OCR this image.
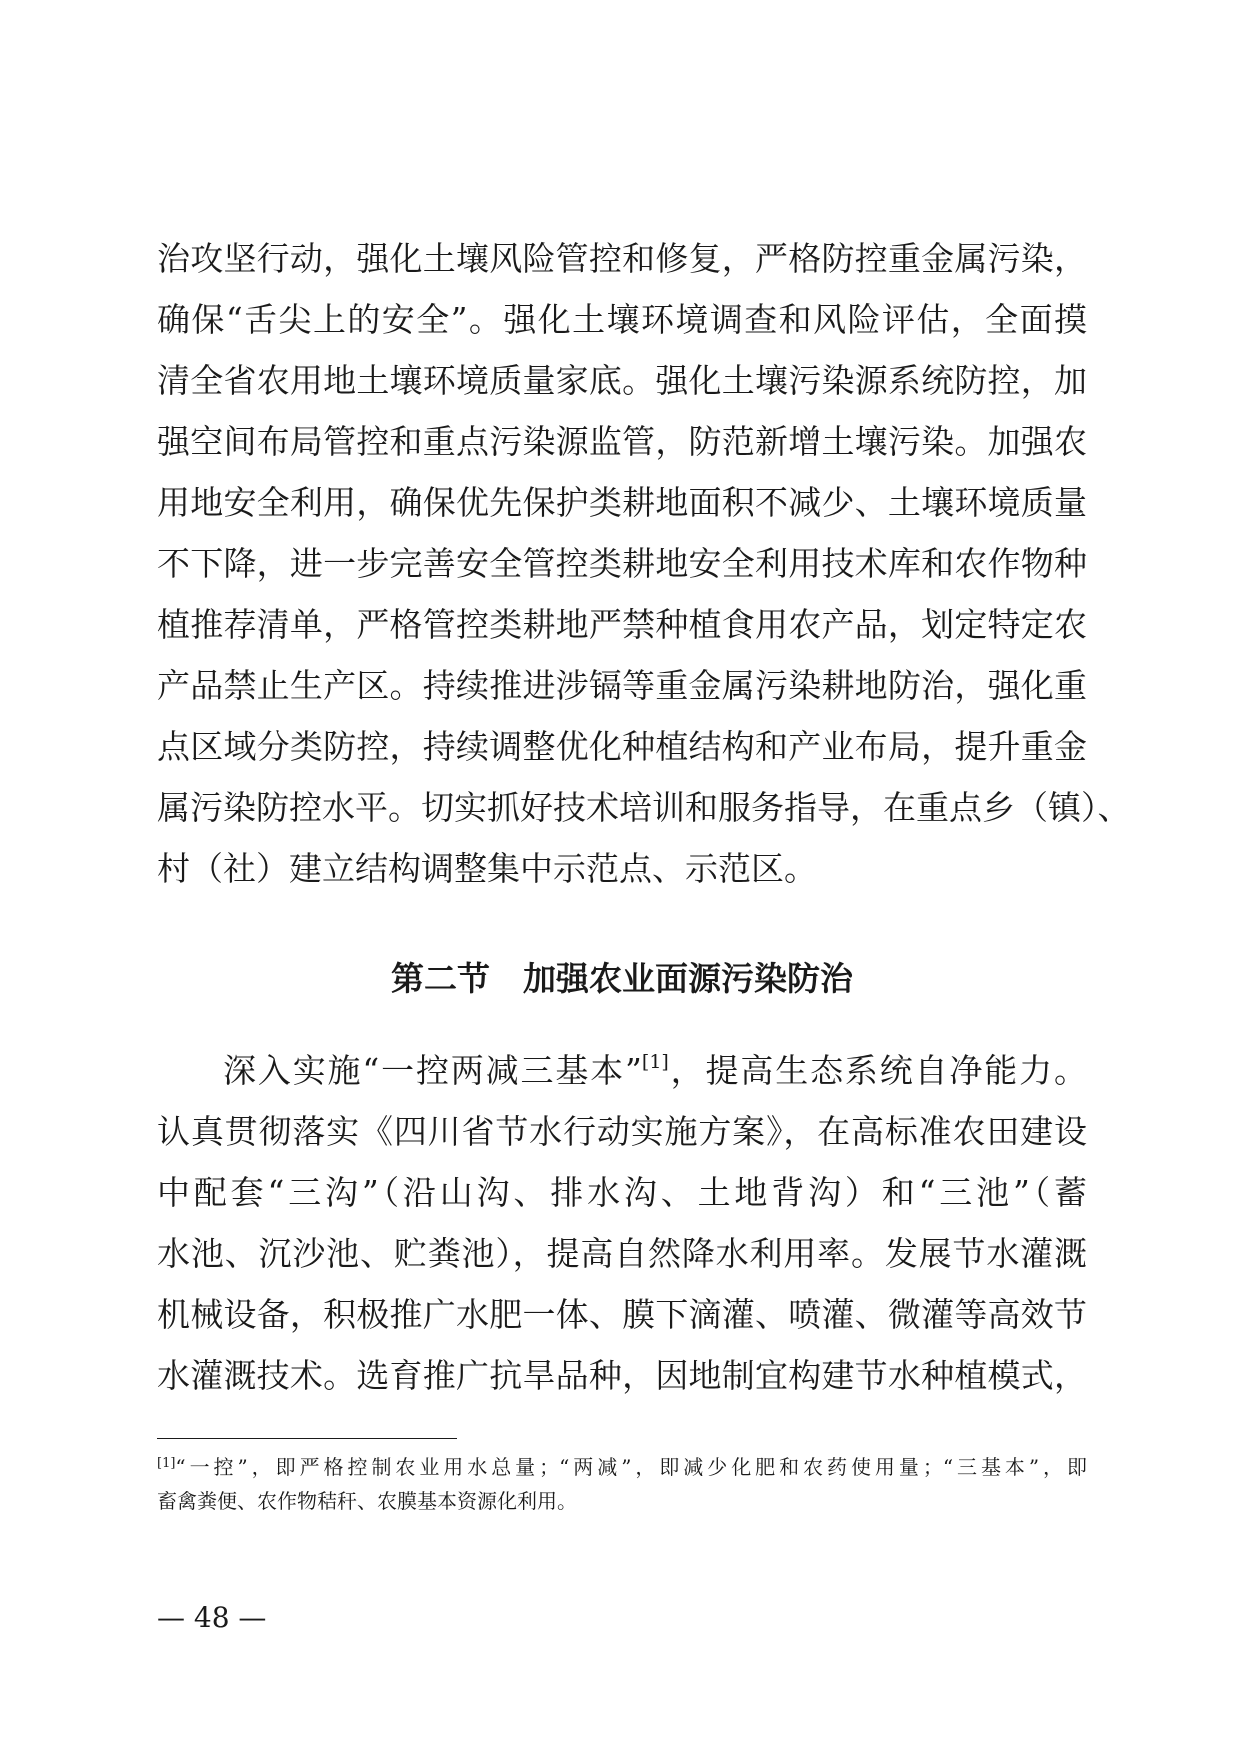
治攻坚行动，强化土壤风险管控和修复，严格防控重金属污染，
确保“舌尖上的安全”。强化土壤环境调查和风险评估，全面摸
清全省农用地土壤环境质量家底。强化土壤污染源系统防控，加
强空间布局管控和重点污染源监管，防范新增土壤污染。加强农
用地安全利用，确保优先保护类耕地面积不减少、土壤环境质量
不下降，进一步完善安全管控类耕地安全利用技术库和农作物种
植推荐清单，严格管控类耕地严禁种植食用农产品，划定特定农
产品禁止生产区。持续推进涉镉等重金属污染耕地防治，强化重
点区域分类防控，持续调整优化种植结构和产业布局，提升重金
属污染防控水平。切实抓好技术培训和服务指导，在重点乡（镇）、
村（社）建立结构调整集中示范点、示范区。
第二节　加强农业面源污染防治
深入实施“一控两减三基本”[1]，提高生态系统自净能力。
认真贯彻落实《四川省节水行动实施方案》，在高标准农田建设
中配套“三沟”（沿山沟、排水沟、土地背沟）和“三池”（蓄
水池、沉沙池、贮粪池），提高自然降水利用率。发展节水灌溉
机械设备，积极推广水肥一体、膜下滴灌、喷灌、微灌等高效节
水灌溉技术。选育推广抗旱品种，因地制宜构建节水种植模式，
[1]“一控”，即严格控制农业用水总量；“两减”，即减少化肥和农药使用量；“三基本”，即
畜禽粪便、农作物秸秆、农膜基本资源化利用。
— 48 —
